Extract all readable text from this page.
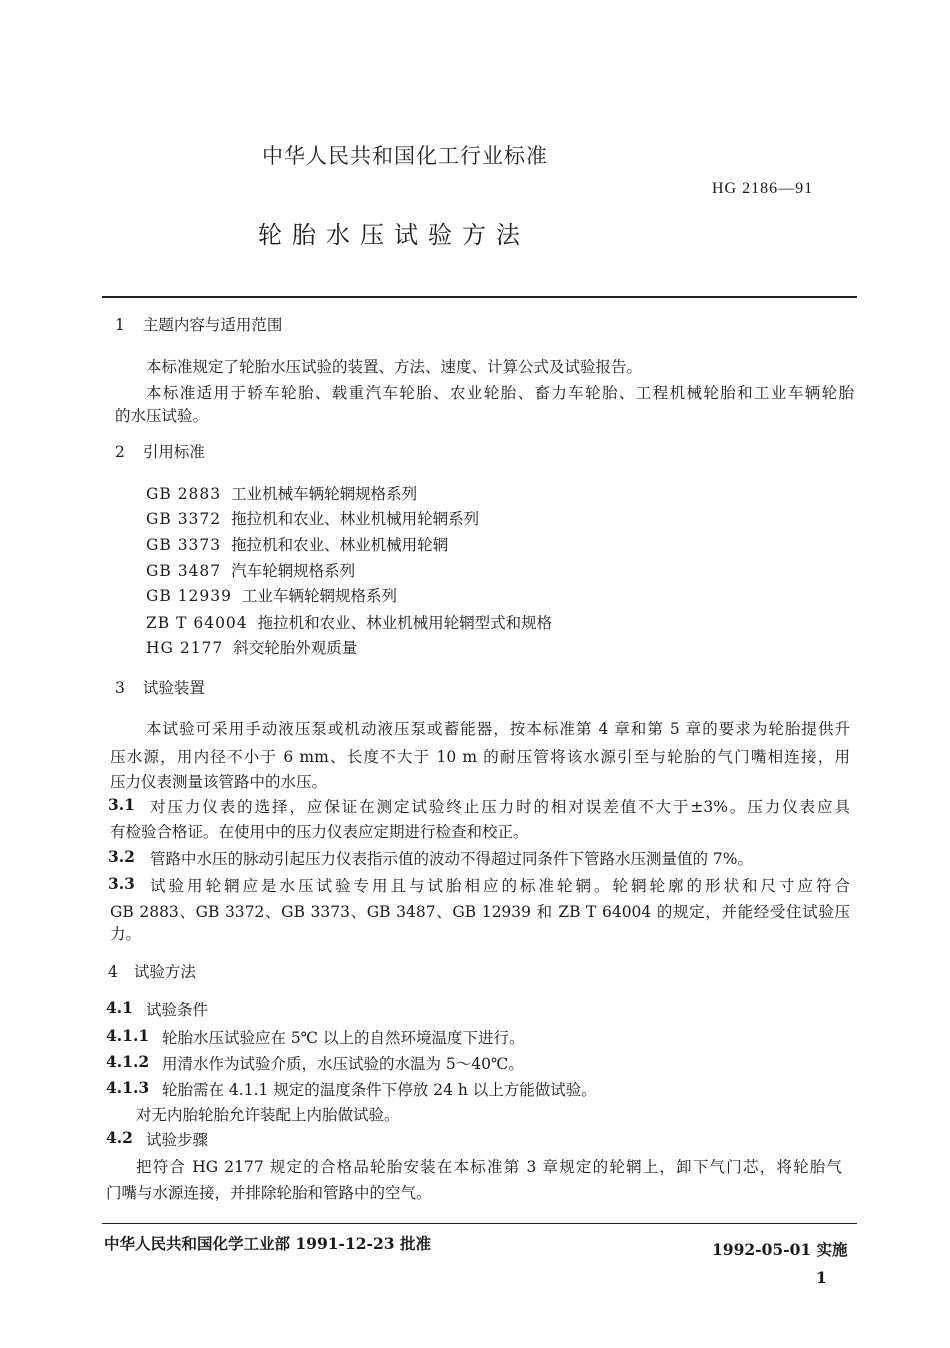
中华人民共和国化工行业标准
HG 2186—91
轮胎水压试验方法
1 主题内容与适用范围
本标准规定了轮胎水压试验的装置、方法、速度、计算公式及试验报告。
本标准适用于轿车轮胎、载重汽车轮胎、农业轮胎、畜力车轮胎、工程机械轮胎和工业车辆轮胎
的水压试验。
2 引用标准
GB 2883 工业机械车辆轮辋规格系列
GB 3372 拖拉机和农业、林业机械用轮辋系列
GB 3373 拖拉机和农业、林业机械用轮辋
GB 3487 汽车轮辋规格系列
GB 12939 工业车辆轮辋规格系列
ZB T 64004 拖拉机和农业、林业机械用轮辋型式和规格
HG 2177 斜交轮胎外观质量
3 试验装置
本试验可采用手动液压泵或机动液压泵或蓄能器，按本标准第 4 章和第 5 章的要求为轮胎提供升
压水源，用内径不小于 6 mm、长度不大于 10 m 的耐压管将该水源引至与轮胎的气门嘴相连接，用
压力仪表测量该管路中的水压。
3.1 对压力仪表的选择，应保证在测定试验终止压力时的相对误差值不大于±3%。压力仪表应具
有检验合格证。在使用中的压力仪表应定期进行检查和校正。
3.2 管路中水压的脉动引起压力仪表指示值的波动不得超过同条件下管路水压测量值的 7%。
3.3 试验用轮辋应是水压试验专用且与试胎相应的标准轮辋。轮辋轮廓的形状和尺寸应符合
GB 2883、GB 3372、GB 3373、GB 3487、GB 12939 和 ZB T 64004 的规定，并能经受住试验压
力。
4 试验方法
4.1 试验条件
4.1.1 轮胎水压试验应在 5℃ 以上的自然环境温度下进行。
4.1.2 用清水作为试验介质，水压试验的水温为 5～40℃。
4.1.3 轮胎需在 4.1.1 规定的温度条件下停放 24 h 以上方能做试验。
对无内胎轮胎允许装配上内胎做试验。
4.2 试验步骤
把符合 HG 2177 规定的合格品轮胎安装在本标准第 3 章规定的轮辋上，卸下气门芯，将轮胎气
门嘴与水源连接，并排除轮胎和管路中的空气。
中华人民共和国化学工业部 1991-12-23 批准	1992-05-01 实施
1
